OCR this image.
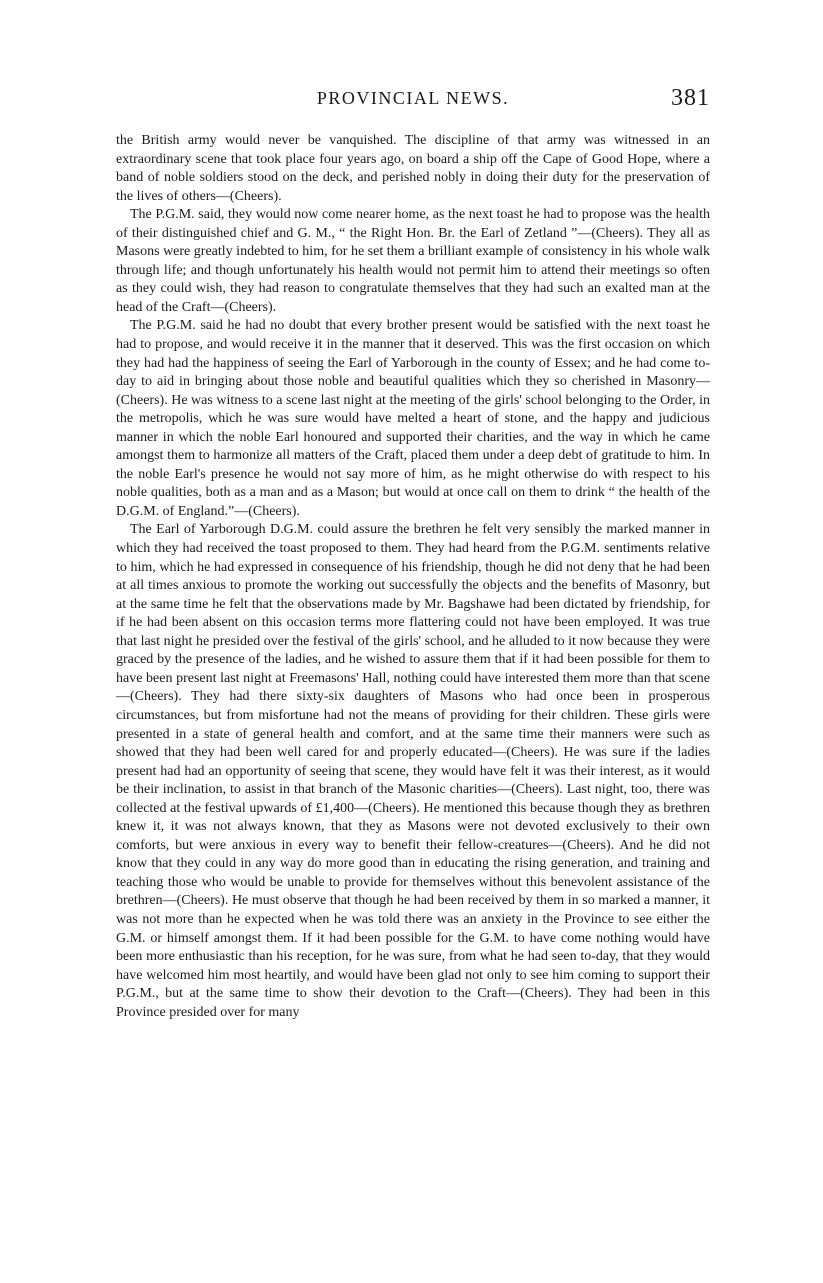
PROVINCIAL NEWS.	381

the British army would never be vanquished. The discipline of that army was witnessed in an extraordinary scene that took place four years ago, on board a ship off the Cape of Good Hope, where a band of noble soldiers stood on the deck, and perished nobly in doing their duty for the preservation of the lives of others—(Cheers).

The P.G.M. said, they would now come nearer home, as the next toast he had to propose was the health of their distinguished chief and G. M., “ the Right Hon. Br. the Earl of Zetland ”—(Cheers). They all as Masons were greatly indebted to him, for he set them a brilliant example of consistency in his whole walk through life; and though unfortunately his health would not permit him to attend their meetings so often as they could wish, they had reason to congratulate themselves that they had such an exalted man at the head of the Craft—(Cheers).

The P.G.M. said he had no doubt that every brother present would be satisfied with the next toast he had to propose, and would receive it in the manner that it deserved. This was the first occasion on which they had had the happiness of seeing the Earl of Yarborough in the county of Essex; and he had come to-day to aid in bringing about those noble and beautiful qualities which they so cherished in Masonry—(Cheers). He was witness to a scene last night at the meeting of the girls' school belonging to the Order, in the metropolis, which he was sure would have melted a heart of stone, and the happy and judicious manner in which the noble Earl honoured and supported their charities, and the way in which he came amongst them to harmonize all matters of the Craft, placed them under a deep debt of gratitude to him. In the noble Earl's presence he would not say more of him, as he might otherwise do with respect to his noble qualities, both as a man and as a Mason; but would at once call on them to drink “ the health of the D.G.M. of England.”—(Cheers).

The Earl of Yarborough D.G.M. could assure the brethren he felt very sensibly the marked manner in which they had received the toast proposed to them. They had heard from the P.G.M. sentiments relative to him, which he had expressed in consequence of his friendship, though he did not deny that he had been at all times anxious to promote the working out successfully the objects and the benefits of Masonry, but at the same time he felt that the observations made by Mr. Bagshawe had been dictated by friendship, for if he had been absent on this occasion terms more flattering could not have been employed. It was true that last night he presided over the festival of the girls' school, and he alluded to it now because they were graced by the presence of the ladies, and he wished to assure them that if it had been possible for them to have been present last night at Freemasons' Hall, nothing could have interested them more than that scene—(Cheers). They had there sixty-six daughters of Masons who had once been in prosperous circumstances, but from misfortune had not the means of providing for their children. These girls were presented in a state of general health and comfort, and at the same time their manners were such as showed that they had been well cared for and properly educated—(Cheers). He was sure if the ladies present had had an opportunity of seeing that scene, they would have felt it was their interest, as it would be their inclination, to assist in that branch of the Masonic charities—(Cheers). Last night, too, there was collected at the festival upwards of £1,400—(Cheers). He mentioned this because though they as brethren knew it, it was not always known, that they as Masons were not devoted exclusively to their own comforts, but were anxious in every way to benefit their fellow-creatures—(Cheers). And he did not know that they could in any way do more good than in educating the rising generation, and training and teaching those who would be unable to provide for themselves without this benevolent assistance of the brethren—(Cheers). He must observe that though he had been received by them in so marked a manner, it was not more than he expected when he was told there was an anxiety in the Province to see either the G.M. or himself amongst them. If it had been possible for the G.M. to have come nothing would have been more enthusiastic than his reception, for he was sure, from what he had seen to-day, that they would have welcomed him most heartily, and would have been glad not only to see him coming to support their P.G.M., but at the same time to show their devotion to the Craft—(Cheers). They had been in this Province presided over for many
